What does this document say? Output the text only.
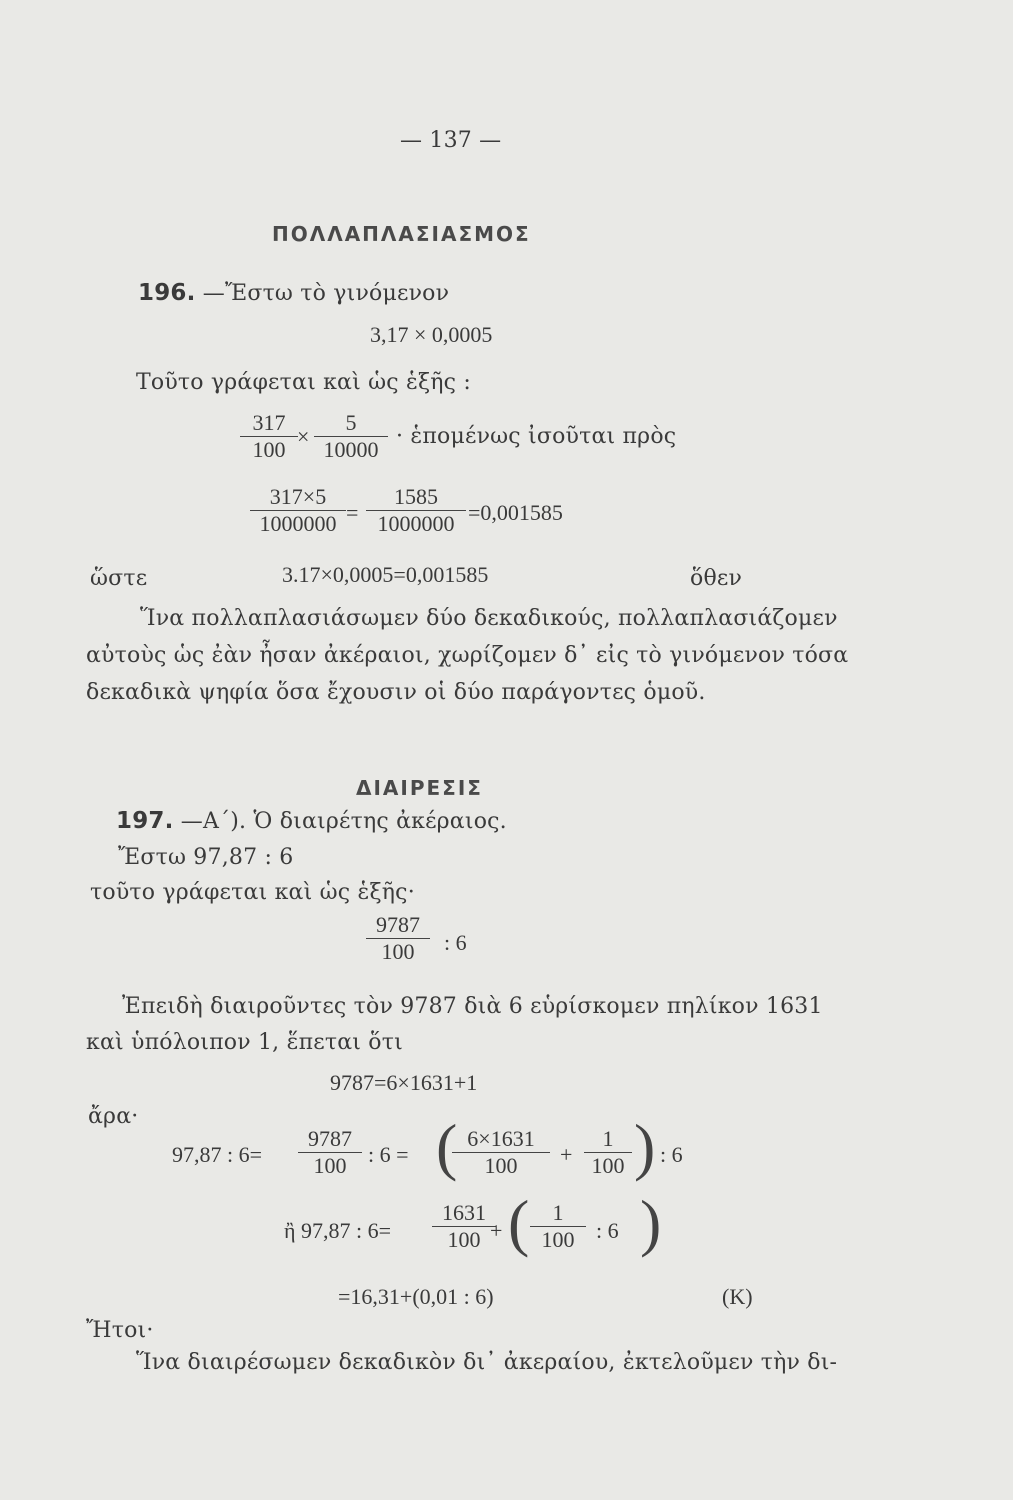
— 137 —
ΠΟΛΛΑΠΛΑΣΙΑΣΜΟΣ
196. —Ἔστω τὸ γινόμενον
3,17 × 0,0005
Τοῦτο γράφεται καὶ ὡς ἑξῆς :
$\frac{317}{100} \times \frac{5}{10000}$ · ἑπομένως ἰσοῦται πρὸς
$\frac{317\times 5}{1000000} = \frac{1585}{1000000} =0,001585$
ὥστε	3.17×0,0005=0,001585	ὅθεν
Ἵνα πολλαπλασιάσωμεν δύο δεκαδικούς, πολλαπλασιάζομεν
αὐτοὺς ὡς ἐὰν ἦσαν ἀκέραιοι, χωρίζομεν δ᾽ εἰς τὸ γινόμενον τόσα
δεκαδικὰ ψηφία ὅσα ἔχουσιν οἱ δύο παράγοντες ὁμοῦ.
ΔΙΑΙΡΕΣΙΣ
197. —Α΄). Ὁ διαιρέτης ἀκέραιος.
Ἔστω 97,87 : 6
τοῦτο γράφεται καὶ ὡς ἑξῆς·
$\frac{9787}{100}$ : 6
Ἐπειδὴ διαιροῦντες τὸν 9787 διὰ 6 εὑρίσκομεν πηλίκον 1631
καὶ ὑπόλοιπον 1, ἕπεται ὅτι
9787=6×1631+1
ἄρα·
97,87 : $6= \frac{9787}{100}$ : 6 = (
$\frac{6\times 1631}{100} + \frac{1}{100}$ ) : 6
ἢ 97,87 : $6= \frac{1631}{100}$
+ ( $\frac{1}{100}$ : 6 )
=16,31+(0,01 : 6)	(K)
Ἤτοι·
Ἵνα διαιρέσωμεν δεκαδικὸν δι᾽ ἀκεραίου, ἐκτελοῦμεν τὴν δι-
